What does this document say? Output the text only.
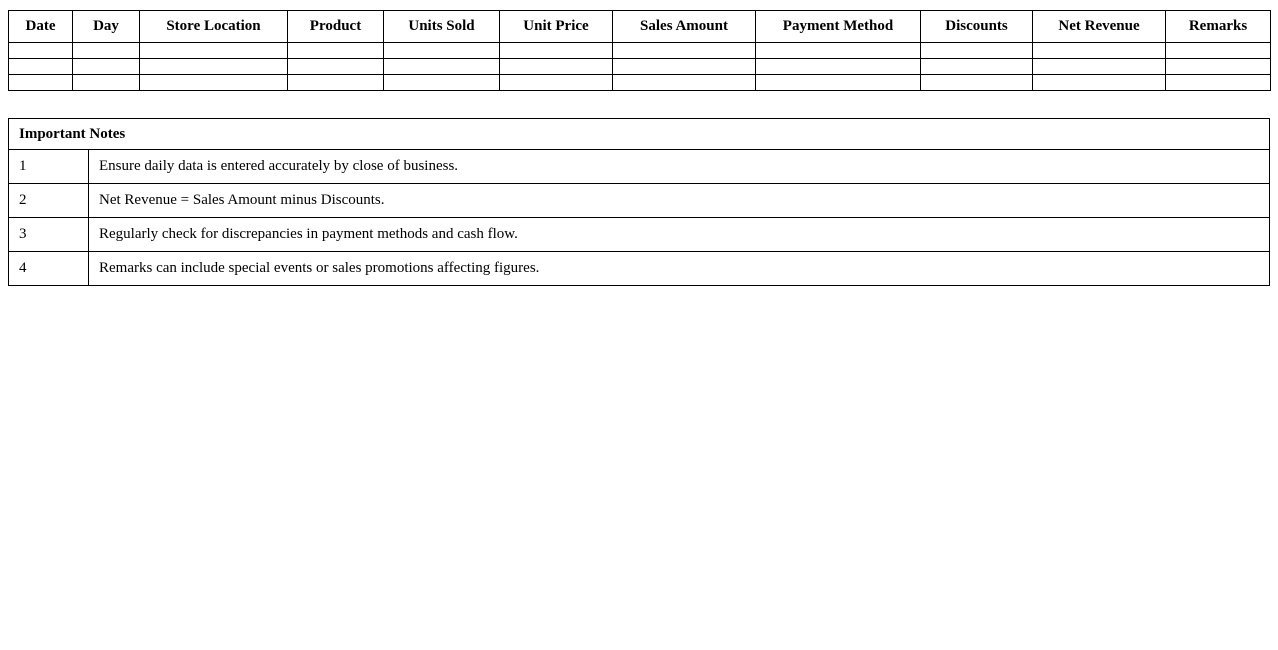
Date	Day	Store Location	Product	Units Sold	Unit Price	Sales Amount	Payment Method	Discounts	Net Revenue	Remarks

Important Notes	
1	Ensure daily data is entered accurately by close of business.
2	Net Revenue = Sales Amount minus Discounts.
3	Regularly check for discrepancies in payment methods and cash flow.
4	Remarks can include special events or sales promotions affecting figures.
